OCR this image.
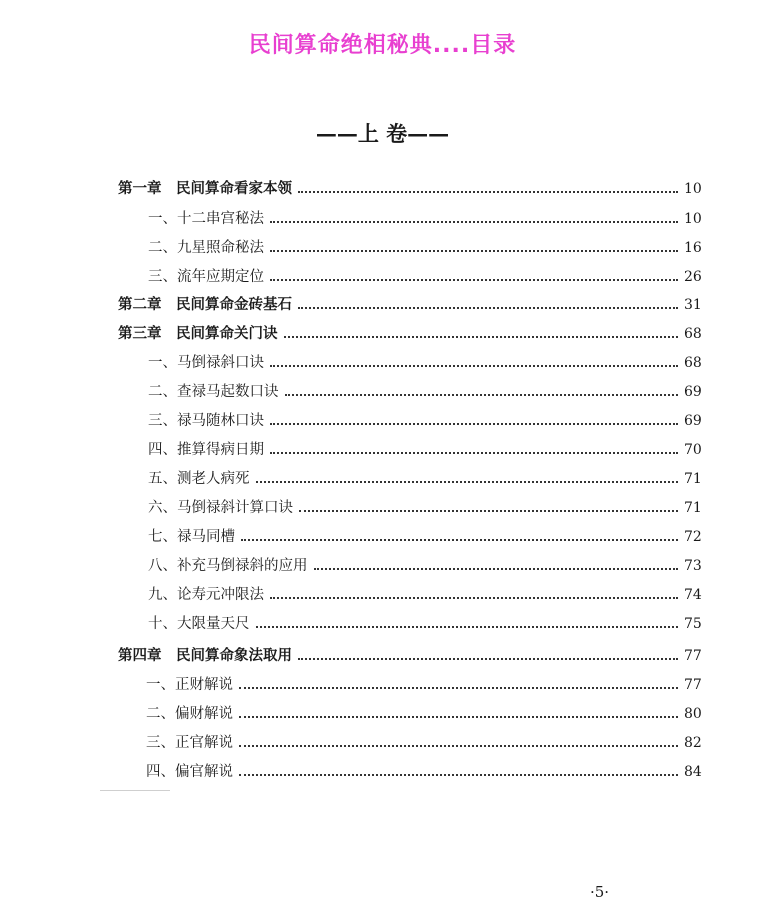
民间算命绝相秘典....目录
——上 卷——
第一章　民间算命看家本领	10
一、十二串宫秘法	10
二、九星照命秘法	16
三、流年应期定位	26
第二章　民间算命金砖基石	31
第三章　民间算命关门诀	68
一、马倒禄斜口诀	68
二、查禄马起数口诀	69
三、禄马随林口诀	69
四、推算得病日期	70
五、测老人病死	71
六、马倒禄斜计算口诀	71
七、禄马同槽	72
八、补充马倒禄斜的应用	73
九、论寿元冲限法	74
十、大限量天尺	75
第四章　民间算命象法取用	77
一、正财解说	77
二、偏财解说	80
三、正官解说	82
四、偏官解说	84
·5·
